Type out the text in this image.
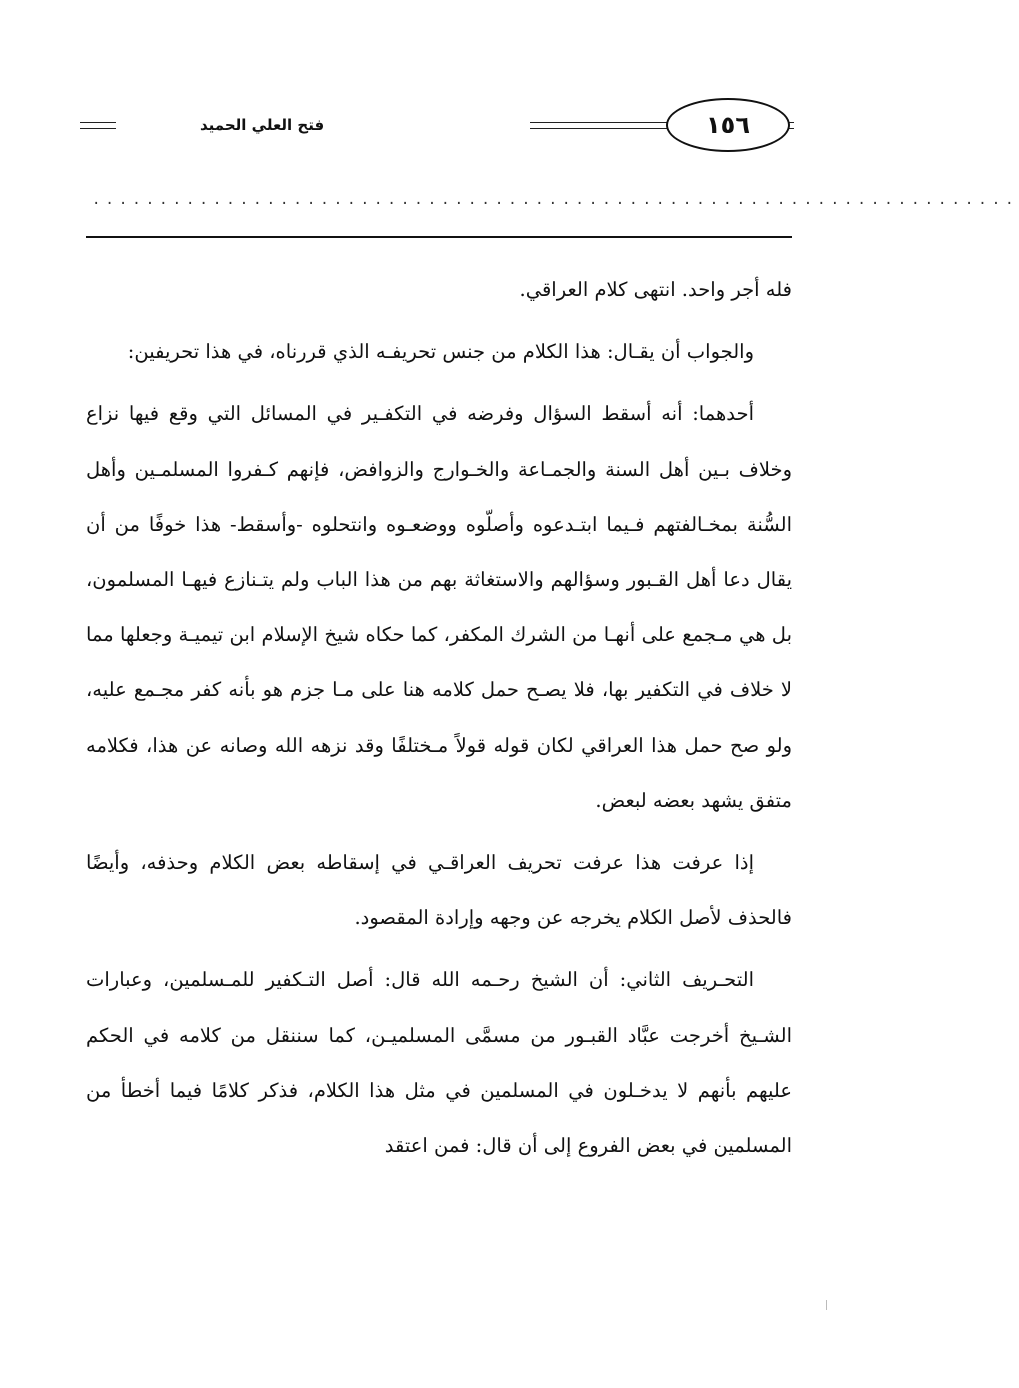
فتح العلي الحميد	١٥٦
.....................................................................

فله أجر واحد. انتهى كلام العراقي.

والجواب أن يقـال: هذا الكلام من جنس تحريفـه الذي قررناه، في هذا تحريفين:

أحدهما: أنه أسقط السؤال وفرضه في التكفـير في المسائل التي وقع فيها نزاع وخلاف بـين أهل السنة والجمـاعة والخـوارج والزوافض، فإنهم كـفروا المسلمـين وأهل السُّنة بمخـالفتهم فـيما ابتـدعوه وأصلّوه ووضعـوه وانتحلوه -وأسقط- هذا خوفًا من أن يقال دعا أهل القـبور وسؤالهم والاستغاثة بهم من هذا الباب ولم يتـنازع فيهـا المسلمون، بل هي مـجمع على أنهـا من الشرك المكفر، كما حكاه شيخ الإسلام ابن تيميـة وجعلها مما لا خلاف في التكفير بها، فلا يصـح حمل كلامه هنا على مـا جزم هو بأنه كفر مجـمع عليه، ولو صح حمل هذا العراقي لكان قوله قولاً مـختلفًا وقد نزهه الله وصانه عن هذا، فكلامه متفق يشهد بعضه لبعض.

إذا عرفت هذا عرفت تحريف العراقـي في إسقاطه بعض الكلام وحذفه، وأيضًا فالحذف لأصل الكلام يخرجه عن وجهه وإرادة المقصود.

التحـريف الثاني: أن الشيخ رحـمه الله قال: أصل التـكفير للمـسلمين، وعبارات الشـيخ أخرجت عبَّاد القبـور من مسمَّى المسلميـن، كما سننقل من كلامه في الحكم عليهم بأنهم لا يدخـلون في المسلمين في مثل هذا الكلام، فذكر كلامًا فيما أخطأ من المسلمين في بعض الفروع إلى أن قال: فمن اعتقد
